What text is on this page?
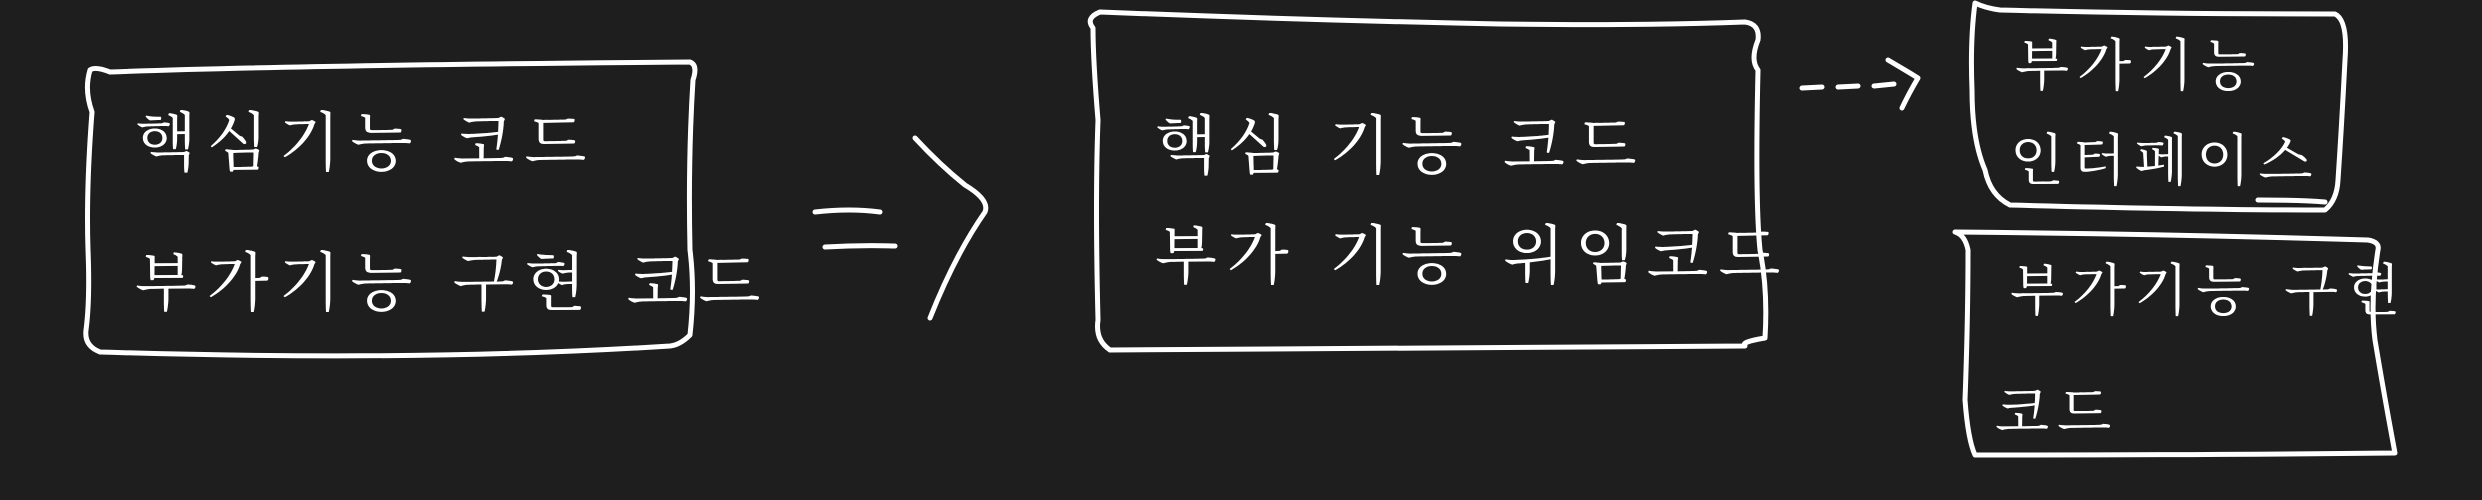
핵심기능 코드
부가기능 구현 코드
핵심 기능 코드
부가 기능 위임코드
부가기능
인터페이스
부가기능 구현
코드
